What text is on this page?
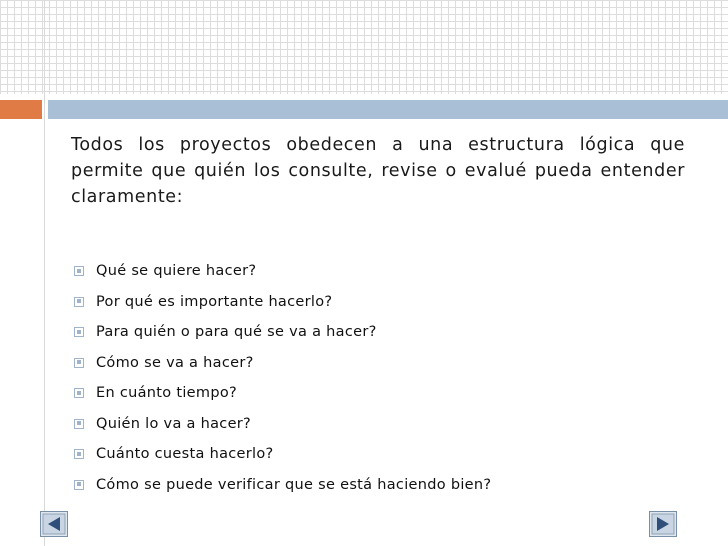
Todos los proyectos obedecen a una estructura lógica que permite que quién los consulte, revise o evalué pueda entender claramente:

Qué se quiere hacer?
Por qué es importante hacerlo?
Para quién o para qué se va a hacer?
Cómo se va a hacer?
En cuánto tiempo?
Quién lo va a hacer?
Cuánto cuesta hacerlo?
Cómo se puede verificar que se está haciendo bien?
